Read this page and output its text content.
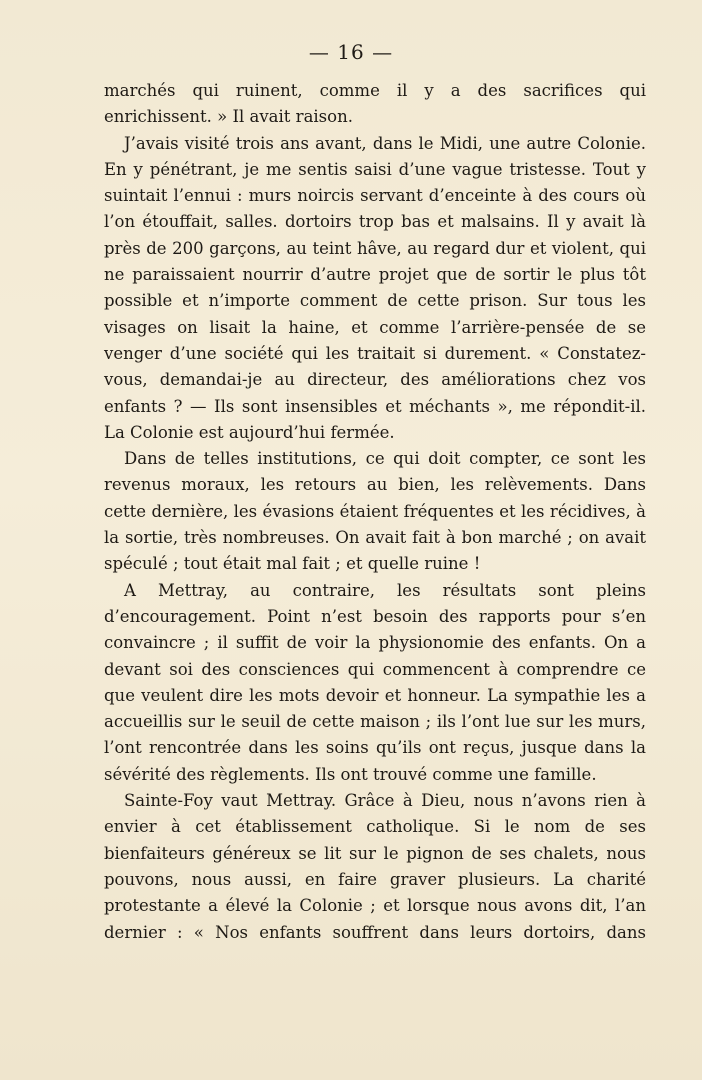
— 16 —

marchés qui ruinent, comme il y a des sacrifices qui enrichissent. » Il avait raison.

J’avais visité trois ans avant, dans le Midi, une autre Colonie. En y pénétrant, je me sentis saisi d’une vague tristesse. Tout y suintait l’ennui : murs noircis servant d’enceinte à des cours où l’on étouffait, salles. dortoirs trop bas et malsains. Il y avait là près de 200 garçons, au teint hâve, au regard dur et violent, qui ne paraissaient nourrir d’autre projet que de sortir le plus tôt possible et n’importe comment de cette prison. Sur tous les visages on lisait la haine, et comme l’arrière-pensée de se venger d’une société qui les traitait si durement. « Constatez-vous, demandai-je au directeur, des améliorations chez vos enfants ? — Ils sont insensibles et méchants », me répondit-il. La Colonie est aujourd’hui fermée.

Dans de telles institutions, ce qui doit compter, ce sont les revenus moraux, les retours au bien, les relèvements. Dans cette dernière, les évasions étaient fréquentes et les récidives, à la sortie, très nombreuses. On avait fait à bon marché ; on avait spéculé ; tout était mal fait ; et quelle ruine !

A Mettray, au contraire, les résultats sont pleins d’encouragement. Point n’est besoin des rapports pour s’en convaincre ; il suffit de voir la physionomie des enfants. On a devant soi des consciences qui commencent à comprendre ce que veulent dire les mots devoir et honneur. La sympathie les a accueillis sur le seuil de cette maison ; ils l’ont lue sur les murs, l’ont rencontrée dans les soins qu’ils ont reçus, jusque dans la sévérité des règlements. Ils ont trouvé comme une famille.

Sainte-Foy vaut Mettray. Grâce à Dieu, nous n’avons rien à envier à cet établissement catholique. Si le nom de ses bienfaiteurs généreux se lit sur le pignon de ses chalets, nous pouvons, nous aussi, en faire graver plusieurs. La charité protestante a élevé la Colonie ; et lorsque nous avons dit, l’an dernier : « Nos enfants souffrent dans leurs dortoirs, dans
